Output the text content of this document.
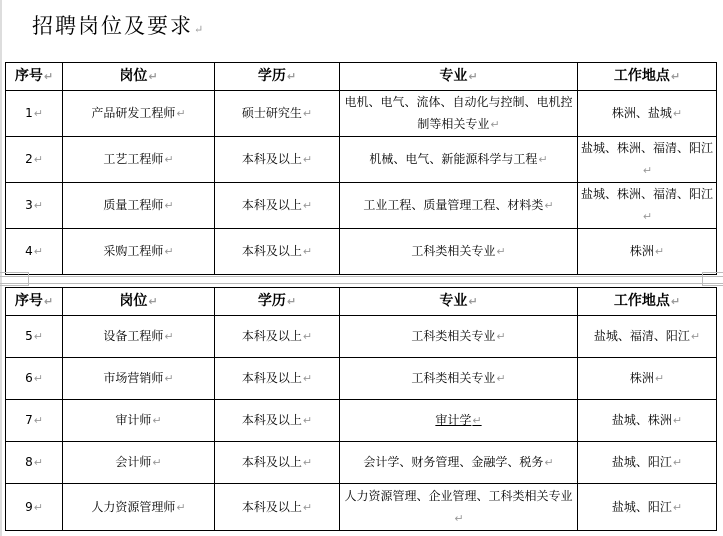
招聘岗位及要求 ↵
序号 ↵	岗位 ↵	学历 ↵	专业 ↵	工作地点 ↵
1 ↵	产品研发工程师 ↵	硕士研究生 ↵	电机、电气、流体、自动化与控制、电机控制等相关专业 ↵	株洲、盐城 ↵
2 ↵	工艺工程师 ↵	本科及以上 ↵	机械、电气、新能源科学与工程 ↵	盐城、株洲、福清、阳江 ↵
3 ↵	质量工程师 ↵	本科及以上 ↵	工业工程、质量管理工程、材料类 ↵	盐城、株洲、福清、阳江 ↵
4 ↵	采购工程师 ↵	本科及以上 ↵	工科类相关专业 ↵	株洲 ↵
序号 ↵	岗位 ↵	学历 ↵	专业 ↵	工作地点 ↵
5 ↵	设备工程师 ↵	本科及以上 ↵	工科类相关专业 ↵	盐城、福清、阳江 ↵
6 ↵	市场营销师 ↵	本科及以上 ↵	工科类相关专业 ↵	株洲 ↵
7 ↵	审计师 ↵	本科及以上 ↵	审计学 ↵	盐城、株洲 ↵
8 ↵	会计师 ↵	本科及以上 ↵	会计学、财务管理、金融学、税务 ↵	盐城、阳江 ↵
9 ↵	人力资源管理师 ↵	本科及以上 ↵	人力资源管理、企业管理、工科类相关专业 ↵	盐城、阳江 ↵
